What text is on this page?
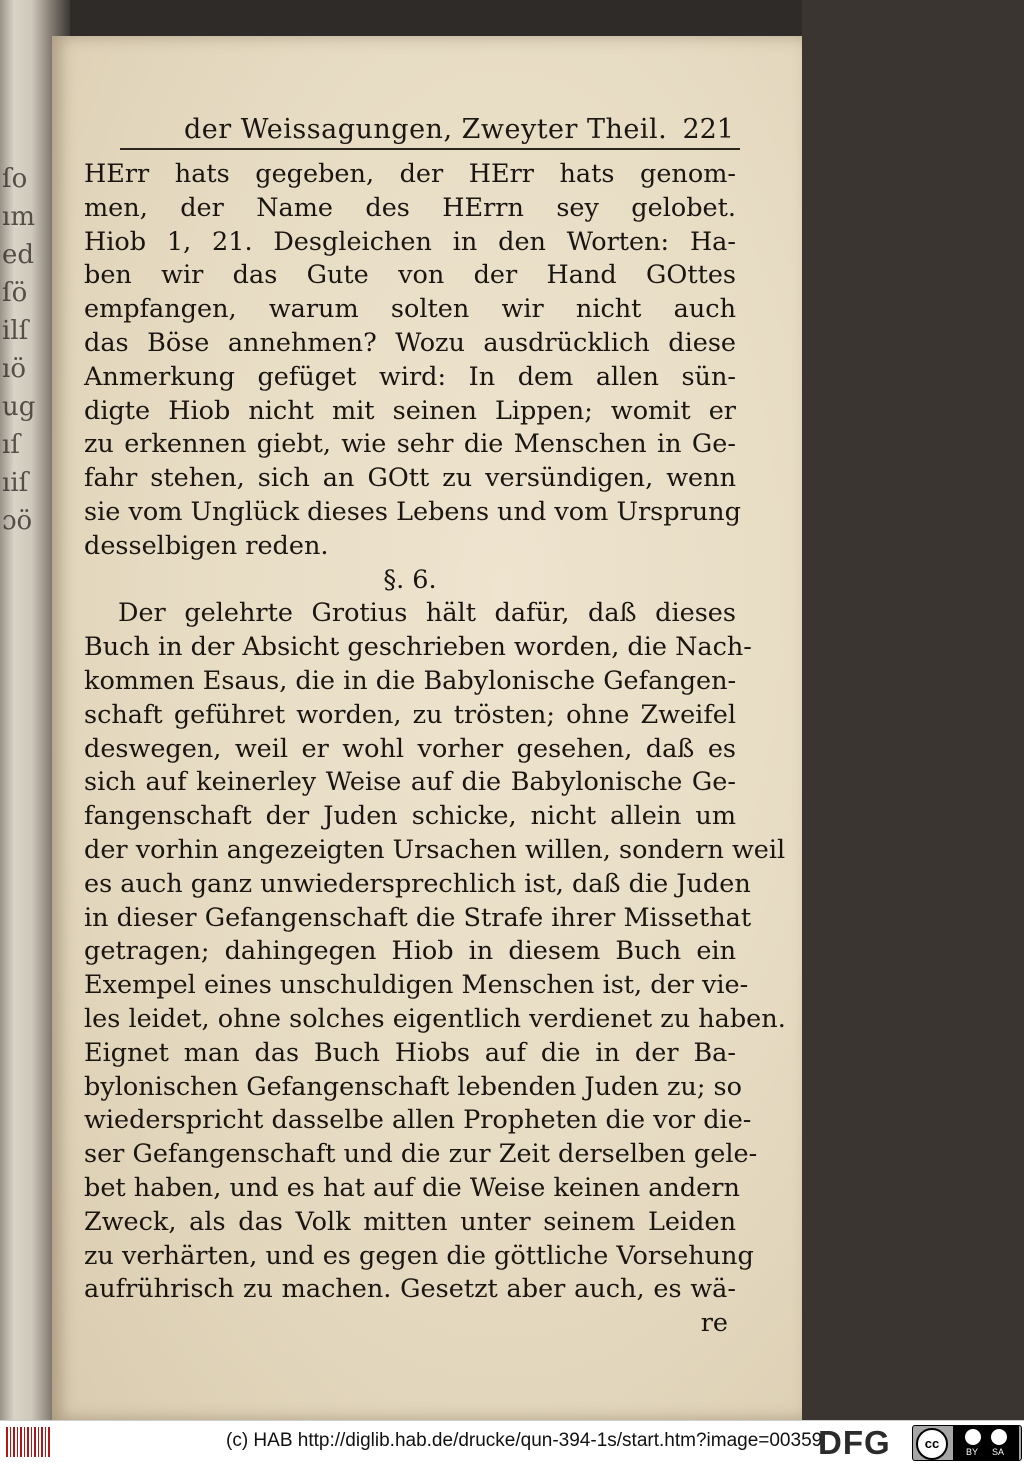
ſo
ım
ed
ſö
ilſ
ıö
ug
ıſ
ıiſ
ɔö
der Weissagungen, Zweyter Theil. 221
HErr hats gegeben, der HErr hats genom-
men, der Name des HErrn sey gelobet.
Hiob 1, 21. Desgleichen in den Worten: Ha-
ben wir das Gute von der Hand GOttes
empfangen, warum solten wir nicht auch
das Böse annehmen? Wozu ausdrücklich diese
Anmerkung gefüget wird: In dem allen sün-
digte Hiob nicht mit seinen Lippen; womit er
zu erkennen giebt, wie sehr die Menschen in Ge-
fahr stehen, sich an GOtt zu versündigen, wenn
sie vom Unglück dieses Lebens und vom Ursprung
desselbigen reden.
§. 6.
Der gelehrte Grotius hält dafür, daß dieses
Buch in der Absicht geschrieben worden, die Nach-
kommen Esaus, die in die Babylonische Gefangen-
schaft geführet worden, zu trösten; ohne Zweifel
deswegen, weil er wohl vorher gesehen, daß es
sich auf keinerley Weise auf die Babylonische Ge-
fangenschaft der Juden schicke, nicht allein um
der vorhin angezeigten Ursachen willen, sondern weil
es auch ganz unwiedersprechlich ist, daß die Juden
in dieser Gefangenschaft die Strafe ihrer Missethat
getragen; dahingegen Hiob in diesem Buch ein
Exempel eines unschuldigen Menschen ist, der vie-
les leidet, ohne solches eigentlich verdienet zu haben.
Eignet man das Buch Hiobs auf die in der Ba-
bylonischen Gefangenschaft lebenden Juden zu; so
wiederspricht dasselbe allen Propheten die vor die-
ser Gefangenschaft und die zur Zeit derselben gele-
bet haben, und es hat auf die Weise keinen andern
Zweck, als das Volk mitten unter seinem Leiden
zu verhärten, und es gegen die göttliche Vorsehung
aufrührisch zu machen. Gesetzt aber auch, es wä-
re
(c) HAB http://diglib.hab.de/drucke/qun-394-1s/start.htm?image=00359
DFG	cc
BY SA
